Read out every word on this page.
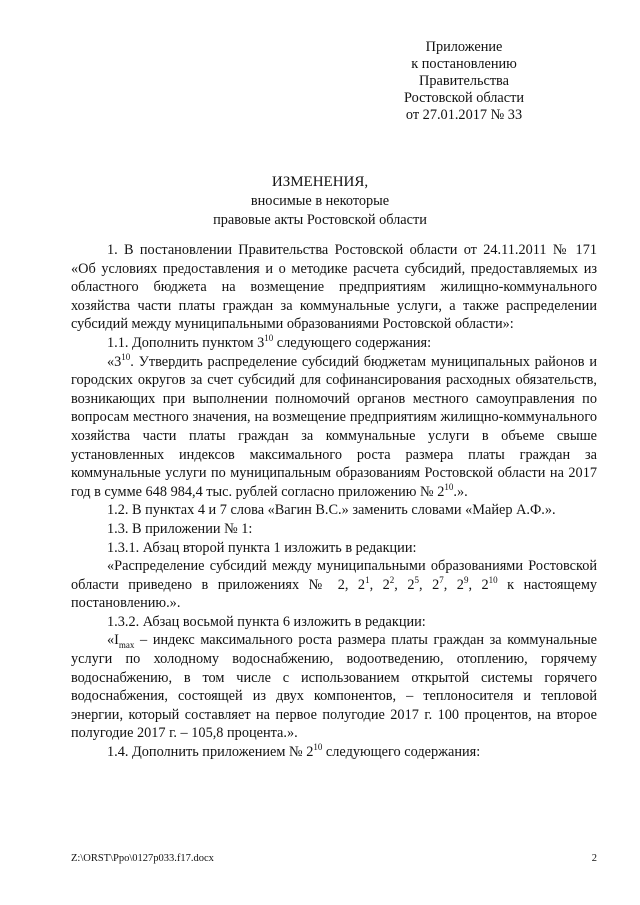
Приложение
к постановлению
Правительства
Ростовской области
от 27.01.2017 № 33
ИЗМЕНЕНИЯ,
вносимые в некоторые
правовые акты Ростовской области

1. В постановлении Правительства Ростовской области от 24.11.2011 № 171 «Об условиях предоставления и о методике расчета субсидий, предоставляемых из областного бюджета на возмещение предприятиям жилищно-коммунального хозяйства части платы граждан за коммунальные услуги, а также распределении субсидий между муниципальными образованиями Ростовской области»:

1.1. Дополнить пунктом $3^{10}$ следующего содержания:

«$3^{10}$. Утвердить распределение субсидий бюджетам муниципальных районов и городских округов за счет субсидий для софинансирования расходных обязательств, возникающих при выполнении полномочий органов местного самоуправления по вопросам местного значения, на возмещение предприятиям жилищно-коммунального хозяйства части платы граждан за коммунальные услуги в объеме свыше установленных индексов максимального роста размера платы граждан за коммунальные услуги по муниципальным образованиям Ростовской области на 2017 год в сумме 648 984,4 тыс. рублей согласно приложению № $2^{10}$.».

1.2. В пунктах 4 и 7 слова «Вагин В.С.» заменить словами «Майер А.Ф.».

1.3. В приложении № 1:

1.3.1. Абзац второй пункта 1 изложить в редакции:

«Распределение субсидий между муниципальными образованиями Ростовской области приведено в приложениях № 2, $2^1$, $2^2$, $2^5$, $2^7$, $2^9$, $2^{10}$ к настоящему постановлению.».

1.3.2. Абзац восьмой пункта 6 изложить в редакции:

«$I_{max}$ – индекс максимального роста размера платы граждан за коммунальные услуги по холодному водоснабжению, водоотведению, отоплению, горячему водоснабжению, в том числе с использованием открытой системы горячего водоснабжения, состоящей из двух компонентов, – теплоносителя и тепловой энергии, который составляет на первое полугодие 2017 г. 100 процентов, на второе полугодие 2017 г. – 105,8 процента.».

1.4. Дополнить приложением № $2^{10}$ следующего содержания:

Z:\ORST\Ppo\0127p033.f17.docx	2
